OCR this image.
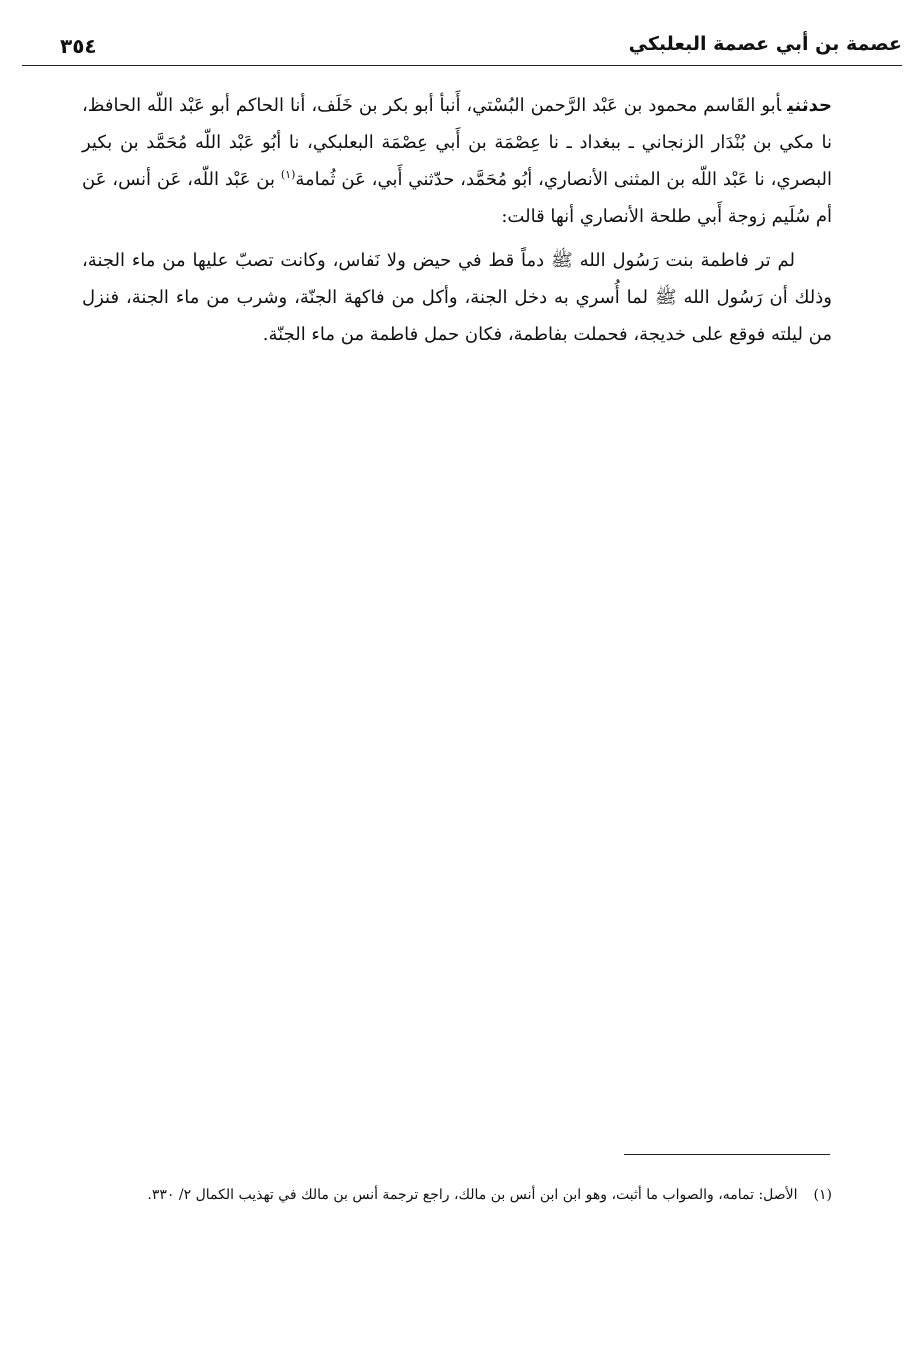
عصمة بن أبي عصمة البعلبكي
٣٥٤

حدثنيأبو القَاسم محمود بن عَبْد الرَّحمن البُسْتي، أَنبأ أبو بكر بن خَلَف، أنا الحاكم أبو عَبْد اللّه الحافظ، نا مكي بن بُنْدَار الزنجاني ـ ببغداد ـ نا عِصْمَة بن أَبي عِصْمَة البعلبكي، نا أبُو عَبْد اللّه مُحَمَّد بن بكير البصري، نا عَبْد اللّه بن المثنى الأنصاري، أبُو مُحَمَّد، حدّثني أَبي، عَن ثُمامة$^{(١)}$ بن عَبْد اللّه، عَن أنس، عَن أم سُلَيم زوجة أَبي طلحة الأنصاري أنها قالت:

لم تر فاطمة بنت رَسُول الله ﷺ دماً قط في حيض ولا نَفاس، وكانت تصبّ عليها من ماء الجنة، وذلك أن رَسُول الله ﷺ لما أُسري به دخل الجنة، وأكل من فاكهة الجنّة، وشرب من ماء الجنة، فنزل من ليلته فوقع على خديجة، فحملت بفاطمة، فكان حمل فاطمة من ماء الجنّة.

(١)الأصل: تمامه، والصواب ما أثبت، وهو ابن ابن أنس بن مالك، راجع ترجمة أنس بن مالك في تهذيب الكمال ٢/ ٣٣٠.
